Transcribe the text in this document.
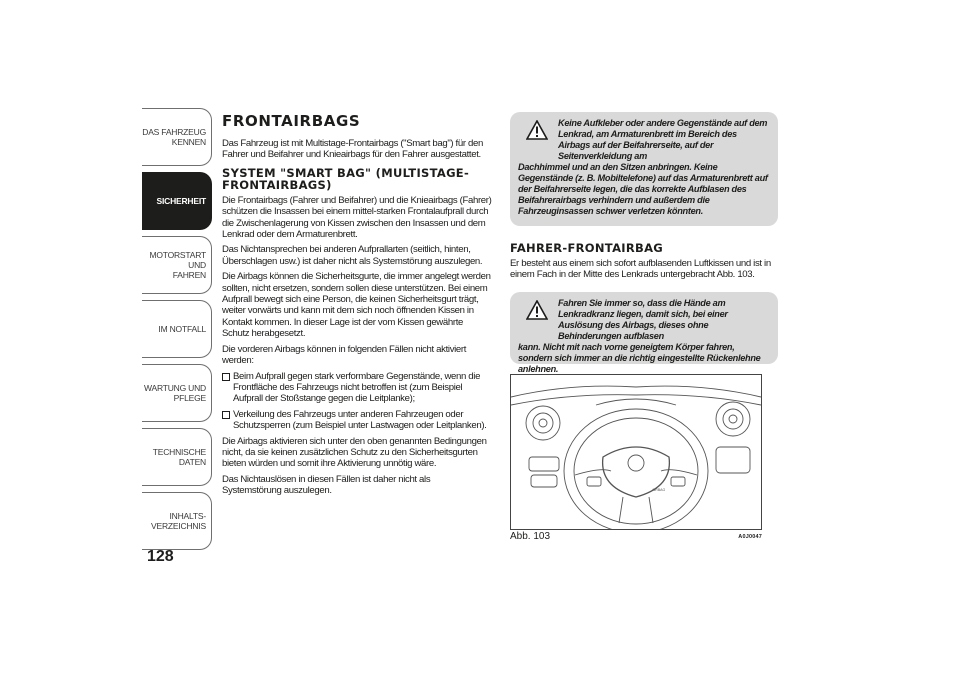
DAS FAHRZEUG
KENNEN
SICHERHEIT
MOTORSTART UND
FAHREN
IM NOTFALL
WARTUNG UND
PFLEGE
TECHNISCHE DATEN
INHALTS-
VERZEICHNIS
128
FRONTAIRBAGS

Das Fahrzeug ist mit Multistage-Frontairbags ("Smart bag") für den Fahrer und Beifahrer und Knieairbags für den Fahrer ausgestattet.

SYSTEM "SMART BAG" (MULTISTAGE-FRONTAIRBAGS)

Die Frontairbags (Fahrer und Beifahrer) und die Knieairbags (Fahrer) schützen die Insassen bei einem mittel-starken Frontalaufprall durch die Zwischenlagerung von Kissen zwischen den Insassen und dem Lenkrad oder dem Armaturenbrett.

Das Nichtansprechen bei anderen Aufprallarten (seitlich, hinten, Überschlagen usw.) ist daher nicht als Systemstörung auszulegen.

Die Airbags können die Sicherheitsgurte, die immer angelegt werden sollten, nicht ersetzen, sondern sollen diese unterstützen. Bei einem Aufprall bewegt sich eine Person, die keinen Sicherheitsgurt trägt, weiter vorwärts und kann mit dem sich noch öffnenden Kissen in Kontakt kommen. In dieser Lage ist der vom Kissen gewährte Schutz herabgesetzt.

Die vorderen Airbags können in folgenden Fällen nicht aktiviert werden:

Beim Aufprall gegen stark verformbare Gegenstände, wenn die Frontfläche des Fahrzeugs nicht betroffen ist (zum Beispiel Aufprall der Stoßstange gegen die Leitplanke);
Verkeilung des Fahrzeugs unter anderen Fahrzeugen oder Schutzsperren (zum Beispiel unter Lastwagen oder Leitplanken).

Die Airbags aktivieren sich unter den oben genannten Bedingungen nicht, da sie keinen zusätzlichen Schutz zu den Sicherheitsgurten bieten würden und somit ihre Aktivierung unnötig wäre.

Das Nichtauslösen in diesen Fällen ist daher nicht als Systemstörung auszulegen.

Keine Aufkleber oder andere Gegenstände auf dem Lenkrad, am Armaturenbrett im Bereich des Airbags auf der Beifahrerseite, auf der Seitenverkleidung am
Dachhimmel und an den Sitzen anbringen. Keine Gegenstände (z. B. Mobiltelefone) auf das Armaturenbrett auf der Beifahrerseite legen, die das korrekte Aufblasen des Beifahrerairbags verhindern und außerdem die Fahrzeuginsassen schwer verletzen könnten.
FAHRER-FRONTAIRBAG

Er besteht aus einem sich sofort aufblasenden Luftkissen und ist in einem Fach in der Mitte des Lenkrads untergebracht Abb. 103.

Fahren Sie immer so, dass die Hände am Lenkradkranz liegen, damit sich, bei einer Auslösung des Airbags, dieses ohne Behinderungen aufblasen
kann. Nicht mit nach vorne geneigtem Körper fahren, sondern sich immer an die richtig eingestellte Rückenlehne anlehnen.
AIRBAG
Abb. 103	A0J0047
